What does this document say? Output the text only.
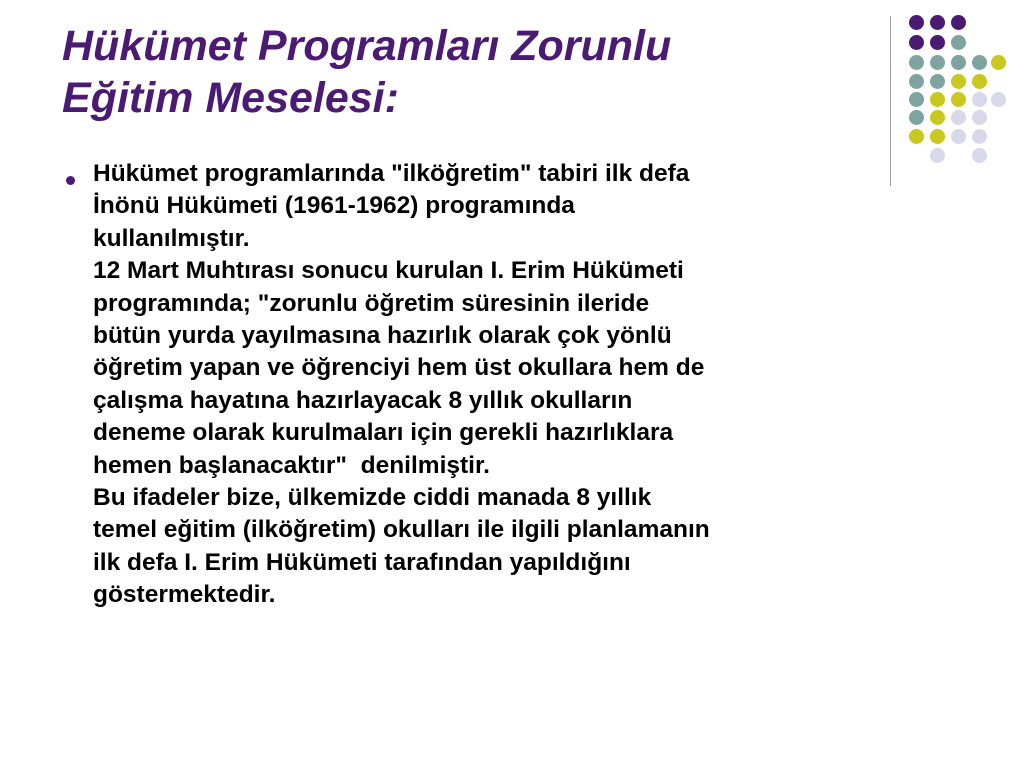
Hükümet Programları Zorunlu
Eğitim Meselesi:
Hükümet programlarında "ilköğretim" tabiri ilk defa
İnönü Hükümeti (1961-1962) programında
kullanılmıştır.
12 Mart Muhtırası sonucu kurulan I. Erim Hükümeti
programında; "zorunlu öğretim süresinin ileride
bütün yurda yayılmasına hazırlık olarak çok yönlü
öğretim yapan ve öğrenciyi hem üst okullara hem de
çalışma hayatına hazırlayacak 8 yıllık okulların
deneme olarak kurulmaları için gerekli hazırlıklara
hemen başlanacaktır"  denilmiştir.
Bu ifadeler bize, ülkemizde ciddi manada 8 yıllık
temel eğitim (ilköğretim) okulları ile ilgili planlamanın
ilk defa I. Erim Hükümeti tarafından yapıldığını
göstermektedir.
